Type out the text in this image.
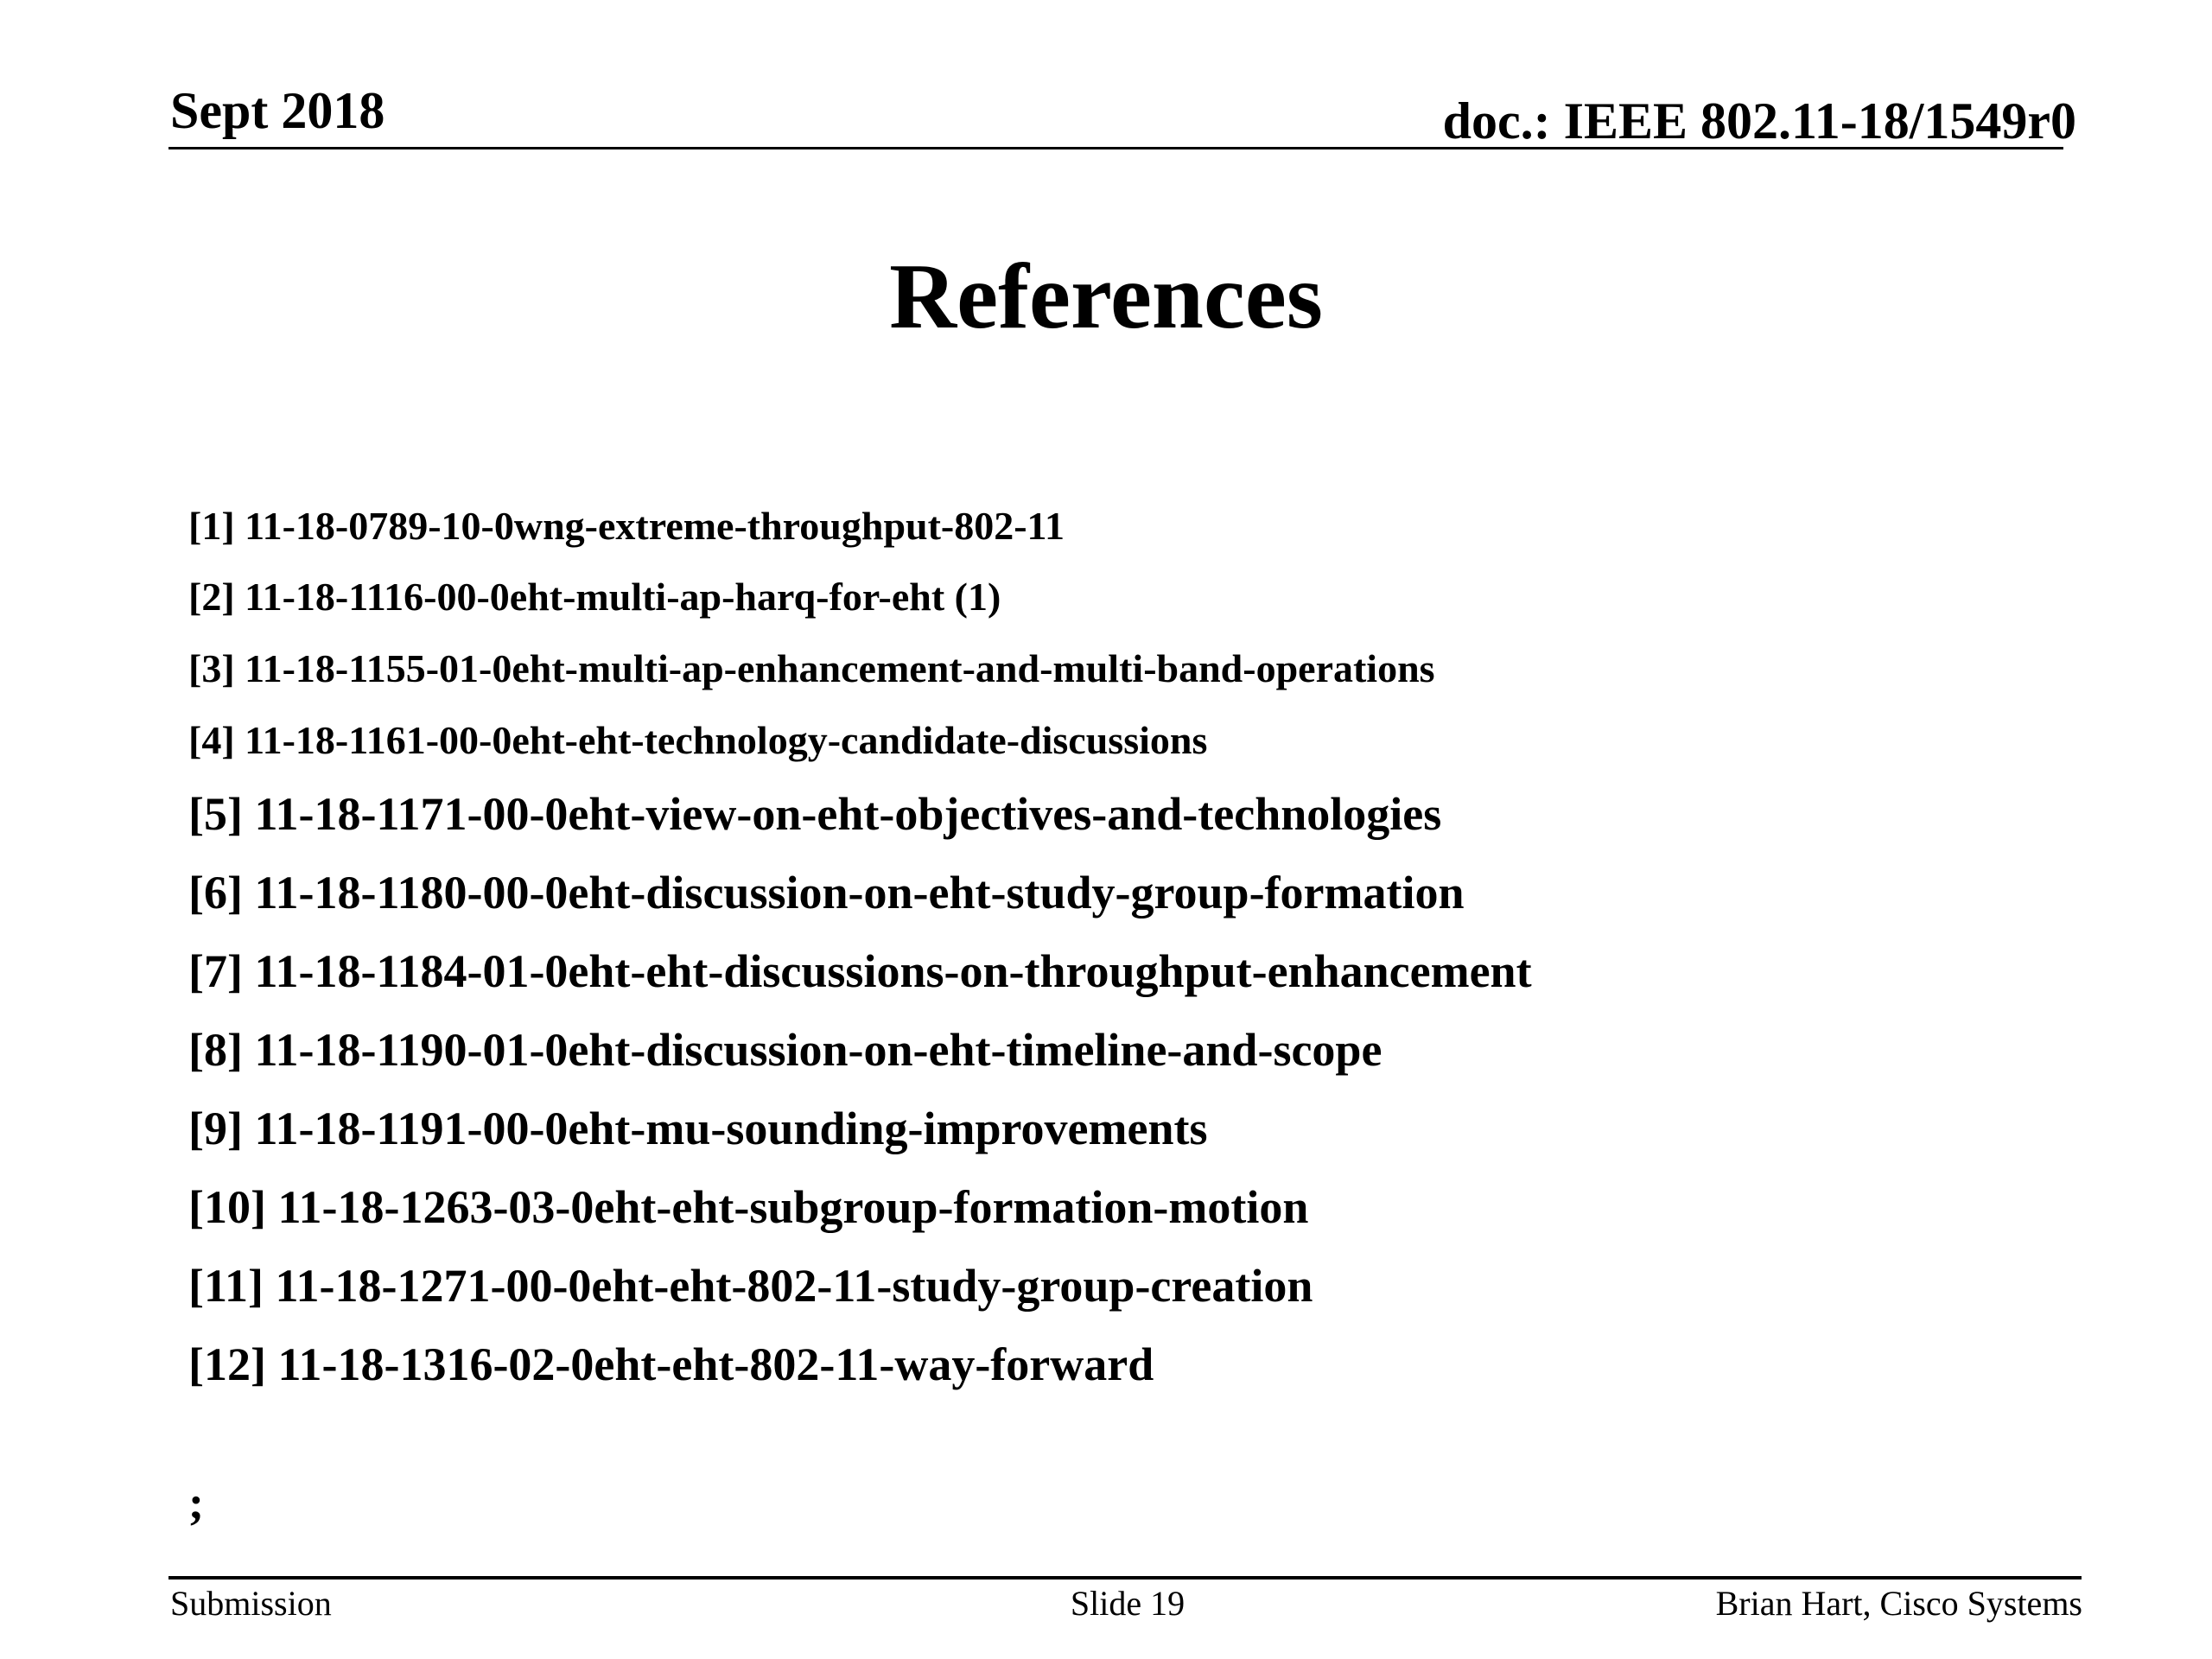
Sept 2018	doc.: IEEE 802.11-18/1549r0
References
[1] 11-18-0789-10-0wng-extreme-throughput-802-11
[2] 11-18-1116-00-0eht-multi-ap-harq-for-eht (1)
[3] 11-18-1155-01-0eht-multi-ap-enhancement-and-multi-band-operations
[4] 11-18-1161-00-0eht-eht-technology-candidate-discussions
[5] 11-18-1171-00-0eht-view-on-eht-objectives-and-technologies
[6] 11-18-1180-00-0eht-discussion-on-eht-study-group-formation
[7] 11-18-1184-01-0eht-eht-discussions-on-throughput-enhancement
[8] 11-18-1190-01-0eht-discussion-on-eht-timeline-and-scope
[9] 11-18-1191-00-0eht-mu-sounding-improvements
[10] 11-18-1263-03-0eht-eht-subgroup-formation-motion
[11] 11-18-1271-00-0eht-eht-802-11-study-group-creation
[12] 11-18-1316-02-0eht-eht-802-11-way-forward
;
Submission	Slide 19	Brian Hart, Cisco Systems
